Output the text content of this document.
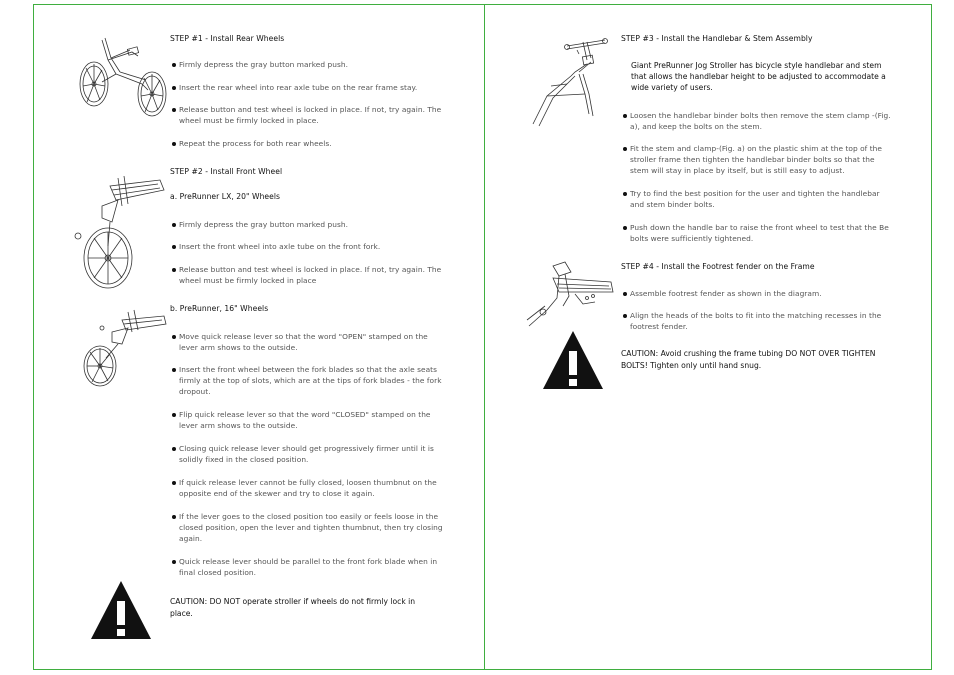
STEP #1 - Install Rear Wheels
Firmly depress the gray button marked push.
Insert the rear wheel into rear axle tube on the rear frame stay.
Release button and test wheel is locked in place. If not, try again. The wheel must be firmly locked in place.
Repeat the process for both rear wheels.
STEP #2 - Install Front Wheel
a. PreRunner LX, 20" Wheels
Firmly depress the gray button marked push.
Insert the front wheel into axle tube on the front fork.
Release button and test wheel is locked in place. If not, try again. The wheel must be firmly locked in place
b. PreRunner, 16" Wheels
Move quick release lever so that the word "OPEN" stamped on the lever arm shows to the outside.
Insert the front wheel between the fork blades so that the axle seats firmly at the top of slots, which are at the tips of fork blades - the fork dropout.
Flip quick release lever so that the word "CLOSED" stamped on the lever arm shows to the outside.
Closing quick release lever should get progressively firmer until it is solidly fixed in the closed position.
If quick release lever cannot be fully closed, loosen thumbnut on the opposite end of the skewer and try to close it again.
If the lever goes to the closed position too easily or feels loose in the closed position, open the lever and tighten thumbnut, then try closing again.
Quick release lever should be parallel to the front fork blade when in final closed position.
CAUTION: DO NOT operate stroller if wheels do not firmly lock in place.
STEP #3 - Install the Handlebar & Stem Assembly
Giant PreRunner Jog Stroller has bicycle style handlebar and stem that allows the handlebar height to be adjusted to accommodate a wide variety of users.
Loosen the handlebar binder bolts then remove the stem clamp -(Fig. a), and keep the bolts on the stem.
Fit the stem and clamp-(Fig. a) on the plastic shim at the top of the stroller frame then tighten the handlebar binder bolts so that the stem will stay in place by itself, but is still easy to adjust.
Try to find the best position for the user and tighten the handlebar and stem binder bolts.
Push down the handle bar to raise the front wheel to test that the Be bolts were sufficiently tightened.
STEP #4 - Install the Footrest fender on the Frame
Assemble footrest fender as shown in the diagram.
Align the heads of the bolts to fit into the matching recesses in the footrest fender.
CAUTION: Avoid crushing the frame tubing DO NOT OVER TIGHTEN BOLTS! Tighten only until hand snug.
